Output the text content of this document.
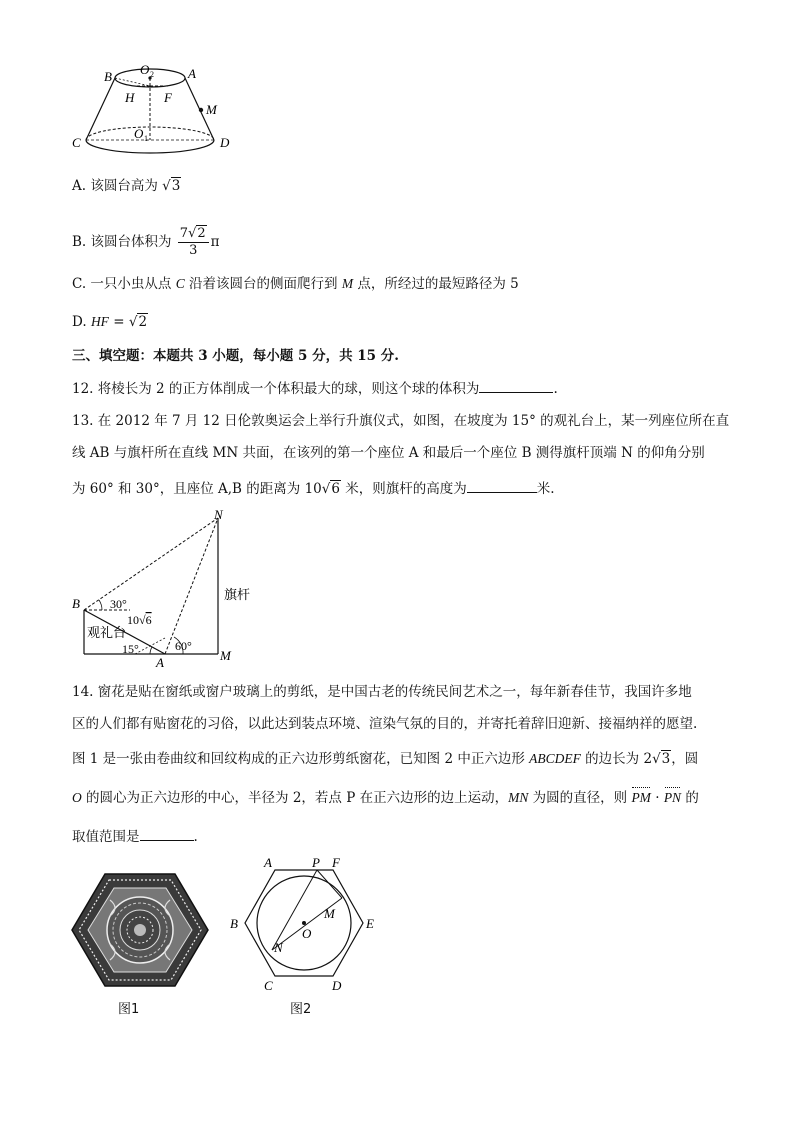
B O 2	A
H F
M
C
O 1	D
A. 该圆台高为 √3
B. 该圆台体积为 $\frac{7√2}{3}$ π
C. 一只小虫从点 C 沿着该圆台的侧面爬行到 M 点，所经过的最短路径为 5
D. HF = √2
三、填空题：本题共 3 小题，每小题 5 分，共 15 分.
12. 将棱长为 2 的正方体削成一个体积最大的球，则这个球的体积为	.
13. 在 2012 年 7 月 12 日伦敦奥运会上举行升旗仪式，如图，在坡度为 15° 的观礼台上，某一列座位所在直
线 AB 与旗杆所在直线 MN 共面，在该列的第一个座位 A 和最后一个座位 B 测得旗杆顶端 N 的仰角分别
为 60° 和 30°，且座位 A,B 的距离为 10√6 米，则旗杆的高度为	米.
N
B
A	M
30°
60°
15°
10√6
观礼台
旗杆
14. 窗花是贴在窗纸或窗户玻璃上的剪纸，是中国古老的传统民间艺术之一，每年新春佳节，我国许多地
区的人们都有贴窗花的习俗，以此达到装点环境、渲染气氛的目的，并寄托着辞旧迎新、接福纳祥的愿望.
图 1 是一张由卷曲纹和回纹构成的正六边形剪纸窗花，已知图 2 中正六边形 ABCDEF 的边长为 2√3，圆
O 的圆心为正六边形的中心，半径为 2，若点 P 在正六边形的边上运动，MN 为圆的直径，则 PM · PN 的
取值范围是	.
图1
A	P F
B	E
C	D
M
O
N
图2
